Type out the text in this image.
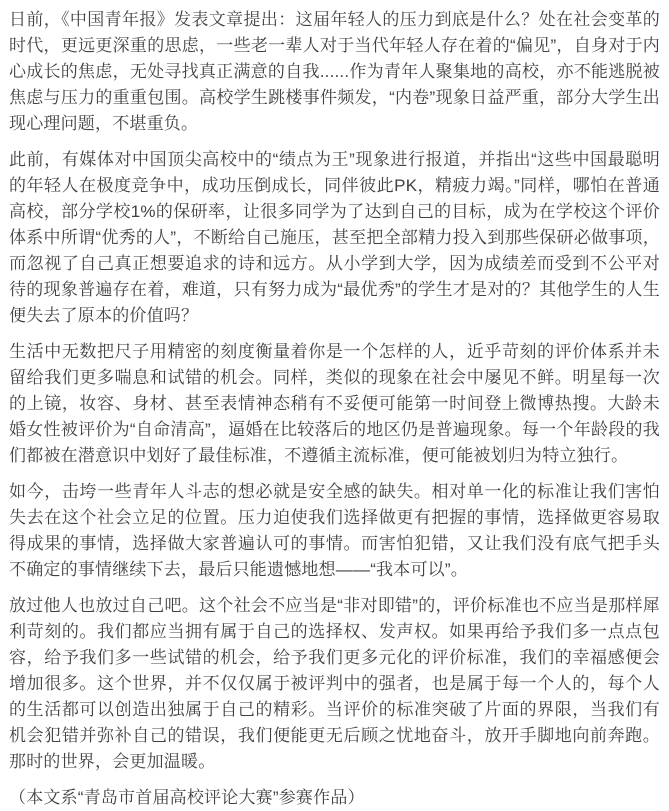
日前，《中国青年报》发表文章提出：这届年轻人的压力到底是什么？处在社会变革的时代，更远更深重的思虑，一些老一辈人对于当代年轻人存在着的“偏见”，自身对于内心成长的焦虑，无处寻找真正满意的自我......作为青年人聚集地的高校，亦不能逃脱被焦虑与压力的重重包围。高校学生跳楼事件频发，“内卷”现象日益严重，部分大学生出现心理问题，不堪重负。

此前，有媒体对中国顶尖高校中的“绩点为王”现象进行报道，并指出“这些中国最聪明的年轻人在极度竞争中，成功压倒成长，同伴彼此PK，精疲力竭。”同样，哪怕在普通高校，部分学校1%的保研率，让很多同学为了达到自己的目标，成为在学校这个评价体系中所谓“优秀的人”，不断给自己施压，甚至把全部精力投入到那些保研必做事项，而忽视了自己真正想要追求的诗和远方。从小学到大学，因为成绩差而受到不公平对待的现象普遍存在着，难道，只有努力成为“最优秀”的学生才是对的？其他学生的人生便失去了原本的价值吗？

生活中无数把尺子用精密的刻度衡量着你是一个怎样的人，近乎苛刻的评价体系并未留给我们更多喘息和试错的机会。同样，类似的现象在社会中屡见不鲜。明星每一次的上镜，妆容、身材、甚至表情神态稍有不妥便可能第一时间登上微博热搜。大龄未婚女性被评价为“自命清高”，逼婚在比较落后的地区仍是普遍现象。每一个年龄段的我们都被在潜意识中划好了最佳标准，不遵循主流标准，便可能被划归为特立独行。

如今，击垮一些青年人斗志的想必就是安全感的缺失。相对单一化的标准让我们害怕失去在这个社会立足的位置。压力迫使我们选择做更有把握的事情，选择做更容易取得成果的事情，选择做大家普遍认可的事情。而害怕犯错，又让我们没有底气把手头不确定的事情继续下去，最后只能遗憾地想——“我本可以”。

放过他人也放过自己吧。这个社会不应当是“非对即错”的，评价标准也不应当是那样犀利苛刻的。我们都应当拥有属于自己的选择权、发声权。如果再给予我们多一点点包容，给予我们多一些试错的机会，给予我们更多元化的评价标准，我们的幸福感便会增加很多。这个世界，并不仅仅属于被评判中的强者，也是属于每一个人的，每个人的生活都可以创造出独属于自己的精彩。当评价的标准突破了片面的界限，当我们有机会犯错并弥补自己的错误，我们便能更无后顾之忧地奋斗，放开手脚地向前奔跑。那时的世界，会更加温暖。

（本文系“青岛市首届高校评论大赛”参赛作品）
